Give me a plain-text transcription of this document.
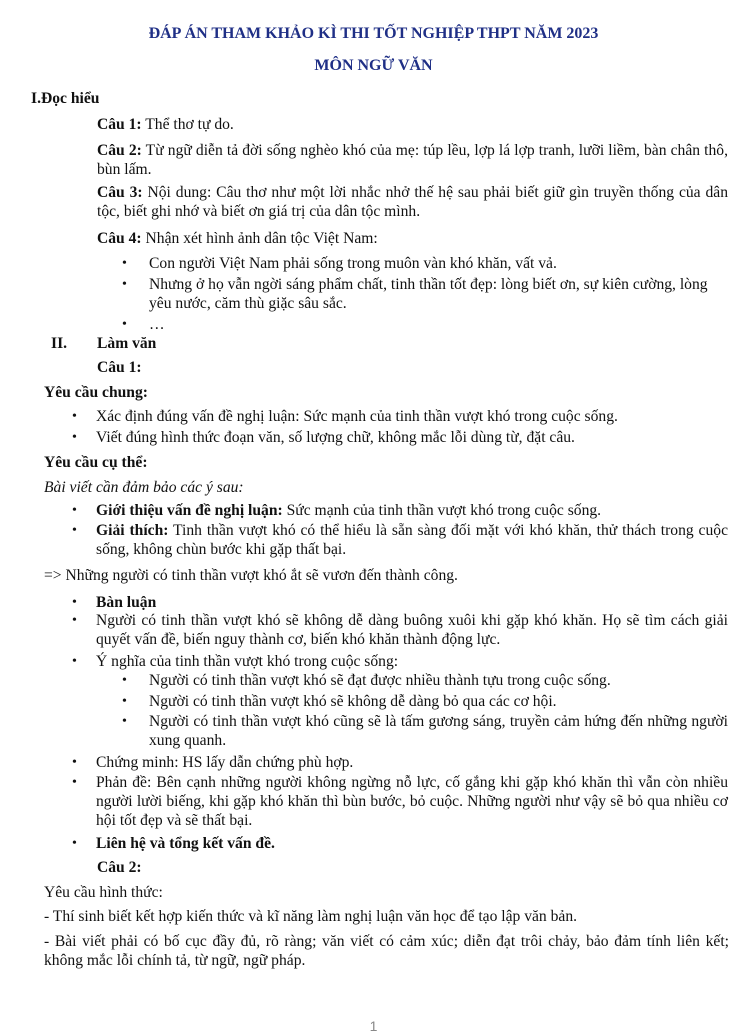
ĐÁP ÁN THAM KHẢO KÌ THI TỐT NGHIỆP THPT NĂM 2023

MÔN NGỮ VĂN

I.Đọc hiểu

Câu 1: Thể thơ tự do.

Câu 2: Từ ngữ diễn tả đời sống nghèo khó của mẹ: túp lều, lợp lá lợp tranh, lưỡi liềm, bàn chân thô, bùn lấm.

Câu 3: Nội dung: Câu thơ như một lời nhắc nhở thế hệ sau phải biết giữ gìn truyền thống của dân tộc, biết ghi nhớ và biết ơn giá trị của dân tộc mình.

Câu 4: Nhận xét hình ảnh dân tộc Việt Nam:

• Con người Việt Nam phải sống trong muôn vàn khó khăn, vất vả.

• Nhưng ở họ vẫn ngời sáng phẩm chất, tinh thần tốt đẹp: lòng biết ơn, sự kiên cường, lòng yêu nước, căm thù giặc sâu sắc.

• …

II. Làm văn

Câu 1:

Yêu cầu chung:

• Xác định đúng vấn đề nghị luận: Sức mạnh của tinh thần vượt khó trong cuộc sống.

• Viết đúng hình thức đoạn văn, số lượng chữ, không mắc lỗi dùng từ, đặt câu.

Yêu cầu cụ thể:

Bài viết cần đảm bảo các ý sau:

• Giới thiệu vấn đề nghị luận: Sức mạnh của tinh thần vượt khó trong cuộc sống.

• Giải thích: Tinh thần vượt khó có thể hiểu là sẵn sàng đối mặt với khó khăn, thử thách trong cuộc sống, không chùn bước khi gặp thất bại.

=> Những người có tinh thần vượt khó ắt sẽ vươn đến thành công.

• Bàn luận

• Người có tinh thần vượt khó sẽ không dễ dàng buông xuôi khi gặp khó khăn. Họ sẽ tìm cách giải quyết vấn đề, biến nguy thành cơ, biến khó khăn thành động lực.

• Ý nghĩa của tinh thần vượt khó trong cuộc sống:

• Người có tinh thần vượt khó sẽ đạt được nhiều thành tựu trong cuộc sống.

• Người có tinh thần vượt khó sẽ không dễ dàng bỏ qua các cơ hội.

• Người có tinh thần vượt khó cũng sẽ là tấm gương sáng, truyền cảm hứng đến những người xung quanh.

• Chứng minh: HS lấy dẫn chứng phù hợp.

• Phản đề: Bên cạnh những người không ngừng nỗ lực, cố gắng khi gặp khó khăn thì vẫn còn nhiều người lười biếng, khi gặp khó khăn thì bùn bước, bỏ cuộc. Những người như vậy sẽ bỏ qua nhiều cơ hội tốt đẹp và sẽ thất bại.

• Liên hệ và tổng kết vấn đề.

Câu 2:

Yêu cầu hình thức:

- Thí sinh biết kết hợp kiến thức và kĩ năng làm nghị luận văn học để tạo lập văn bản.

- Bài viết phải có bố cục đầy đủ, rõ ràng; văn viết có cảm xúc; diễn đạt trôi chảy, bảo đảm tính liên kết; không mắc lỗi chính tả, từ ngữ, ngữ pháp.

1
